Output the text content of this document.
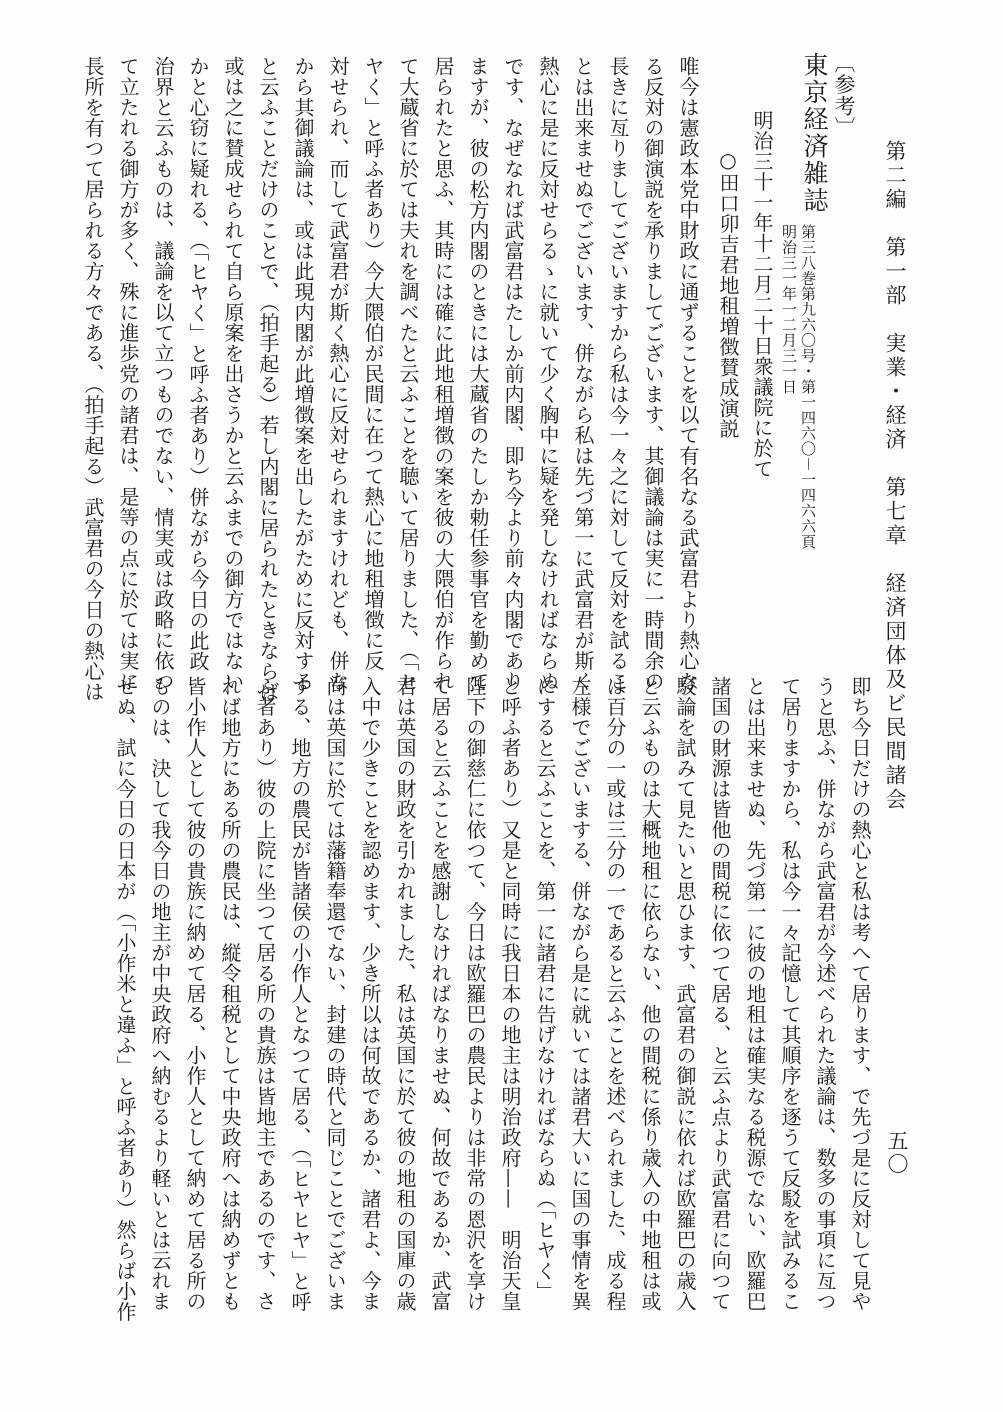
第二編　第一部　実業・経済　第七章　経済団体及ビ民間諸会
五〇
〔参考〕
東京経済雑誌
第三八巻第九六〇号・第一四六〇－一四六六頁
明治三一年一二月三一日
明治三十一年十二月二十日衆議院に於て
○田口卯吉君地租増徴賛成演説
唯今は憲政本党中財政に通ずることを以て有名なる武富君より熱心な
る反対の御演説を承りましてございます、其御議論は実に一時間余の
長きに亙りましてございますから私は今一々之に対して反対を試るこ
とは出来ませぬでございます、併ながら私は先づ第一に武富君が斯く
熱心に是に反対せらるゝに就いて少く胸中に疑を発しなければならぬ
です、なぜなれば武富君はたしか前内閣、即ち今より前々内閣であり
ますが、彼の松方内閣のときには大蔵省のたしか勅任参事官を勤めて
居られたと思ふ、其時には確に此地租増徴の案を彼の大隈伯が作られ
て大蔵省に於ては夫れを調べたと云ふことを聴いて居りました、（「ヒ
ヤく」と呼ふ者あり）今大隈伯が民間に在つて熱心に地租増徴に反
対せられ、而して武富君が斯く熱心に反対せられますけれども、併な
から其御議論は、或は此現内閣が此増徴案を出したがために反対する
と云ふことだけのことで、（拍手起る）若し内閣に居られたときならば
或は之に賛成せられて自ら原案を出さうかと云ふまでの御方ではない
かと心窃に疑れる、（「ヒヤく」と呼ふ者あり）併ながら今日の此政
治界と云ふものは、議論を以て立つものでない、情実或は政略に依つ
て立たれる御方が多く、殊に進歩党の諸君は、是等の点に於ては実に
長所を有つて居られる方々である、（拍手起る）武富君の今日の熱心は
即ち今日だけの熱心と私は考へて居ります、で先づ是に反対して見や
うと思ふ、併ながら武富君が今述べられた議論は、数多の事項に亙つ
て居りますから、私は今一々記憶して其順序を逐うて反駁を試みるこ
とは出来ませぬ、先づ第一に彼の地租は確実なる税源でない、欧羅巴
諸国の財源は皆他の間税に依つて居る、と云ふ点より武富君に向つて
駁論を試みて見たいと思ひます、武富君の御説に依れば欧羅巴の歳入
と云ふものは大概地租に依らない、他の間税に係り歳入の中地租は或
は百分の一或は三分の一であると云ふことを述べられました、成る程
左様でございまする、併ながら是に就いては諸君大いに国の事情を異
にすると云ふことを、第一に諸君に告げなければならぬ（「ヒヤく」
と呼ふ者あり）又是と同時に我日本の地主は明治政府——　明治天皇
陛下の御慈仁に依つて、今日は欧羅巴の農民よりは非常の恩沢を享け
て居ると云ふことを感謝しなければなりませぬ、何故であるか、武富
君は英国の財政を引かれました、私は英国に於て彼の地租の国庫の歳
入中で少きことを認めます、少き所以は何故であるか、諸君よ、今ま
尚は英国に於ては藩籍奉還でない、封建の時代と同じことでございま
する、地方の農民が皆諸侯の小作人となつて居る、（「ヒヤヒヤ」と呼
ふ者あり）彼の上院に坐つて居る所の貴族は皆地主であるのです、さ
れば地方にある所の農民は、縦令租税として中央政府へは納めずとも
皆小作人として彼の貴族に納めて居る、小作人として納めて居る所の
ものは、決して我今日の地主が中央政府へ納むるより軽いとは云れま
せぬ、試に今日の日本が（「小作米と違ふ」と呼ふ者あり）然らば小作
